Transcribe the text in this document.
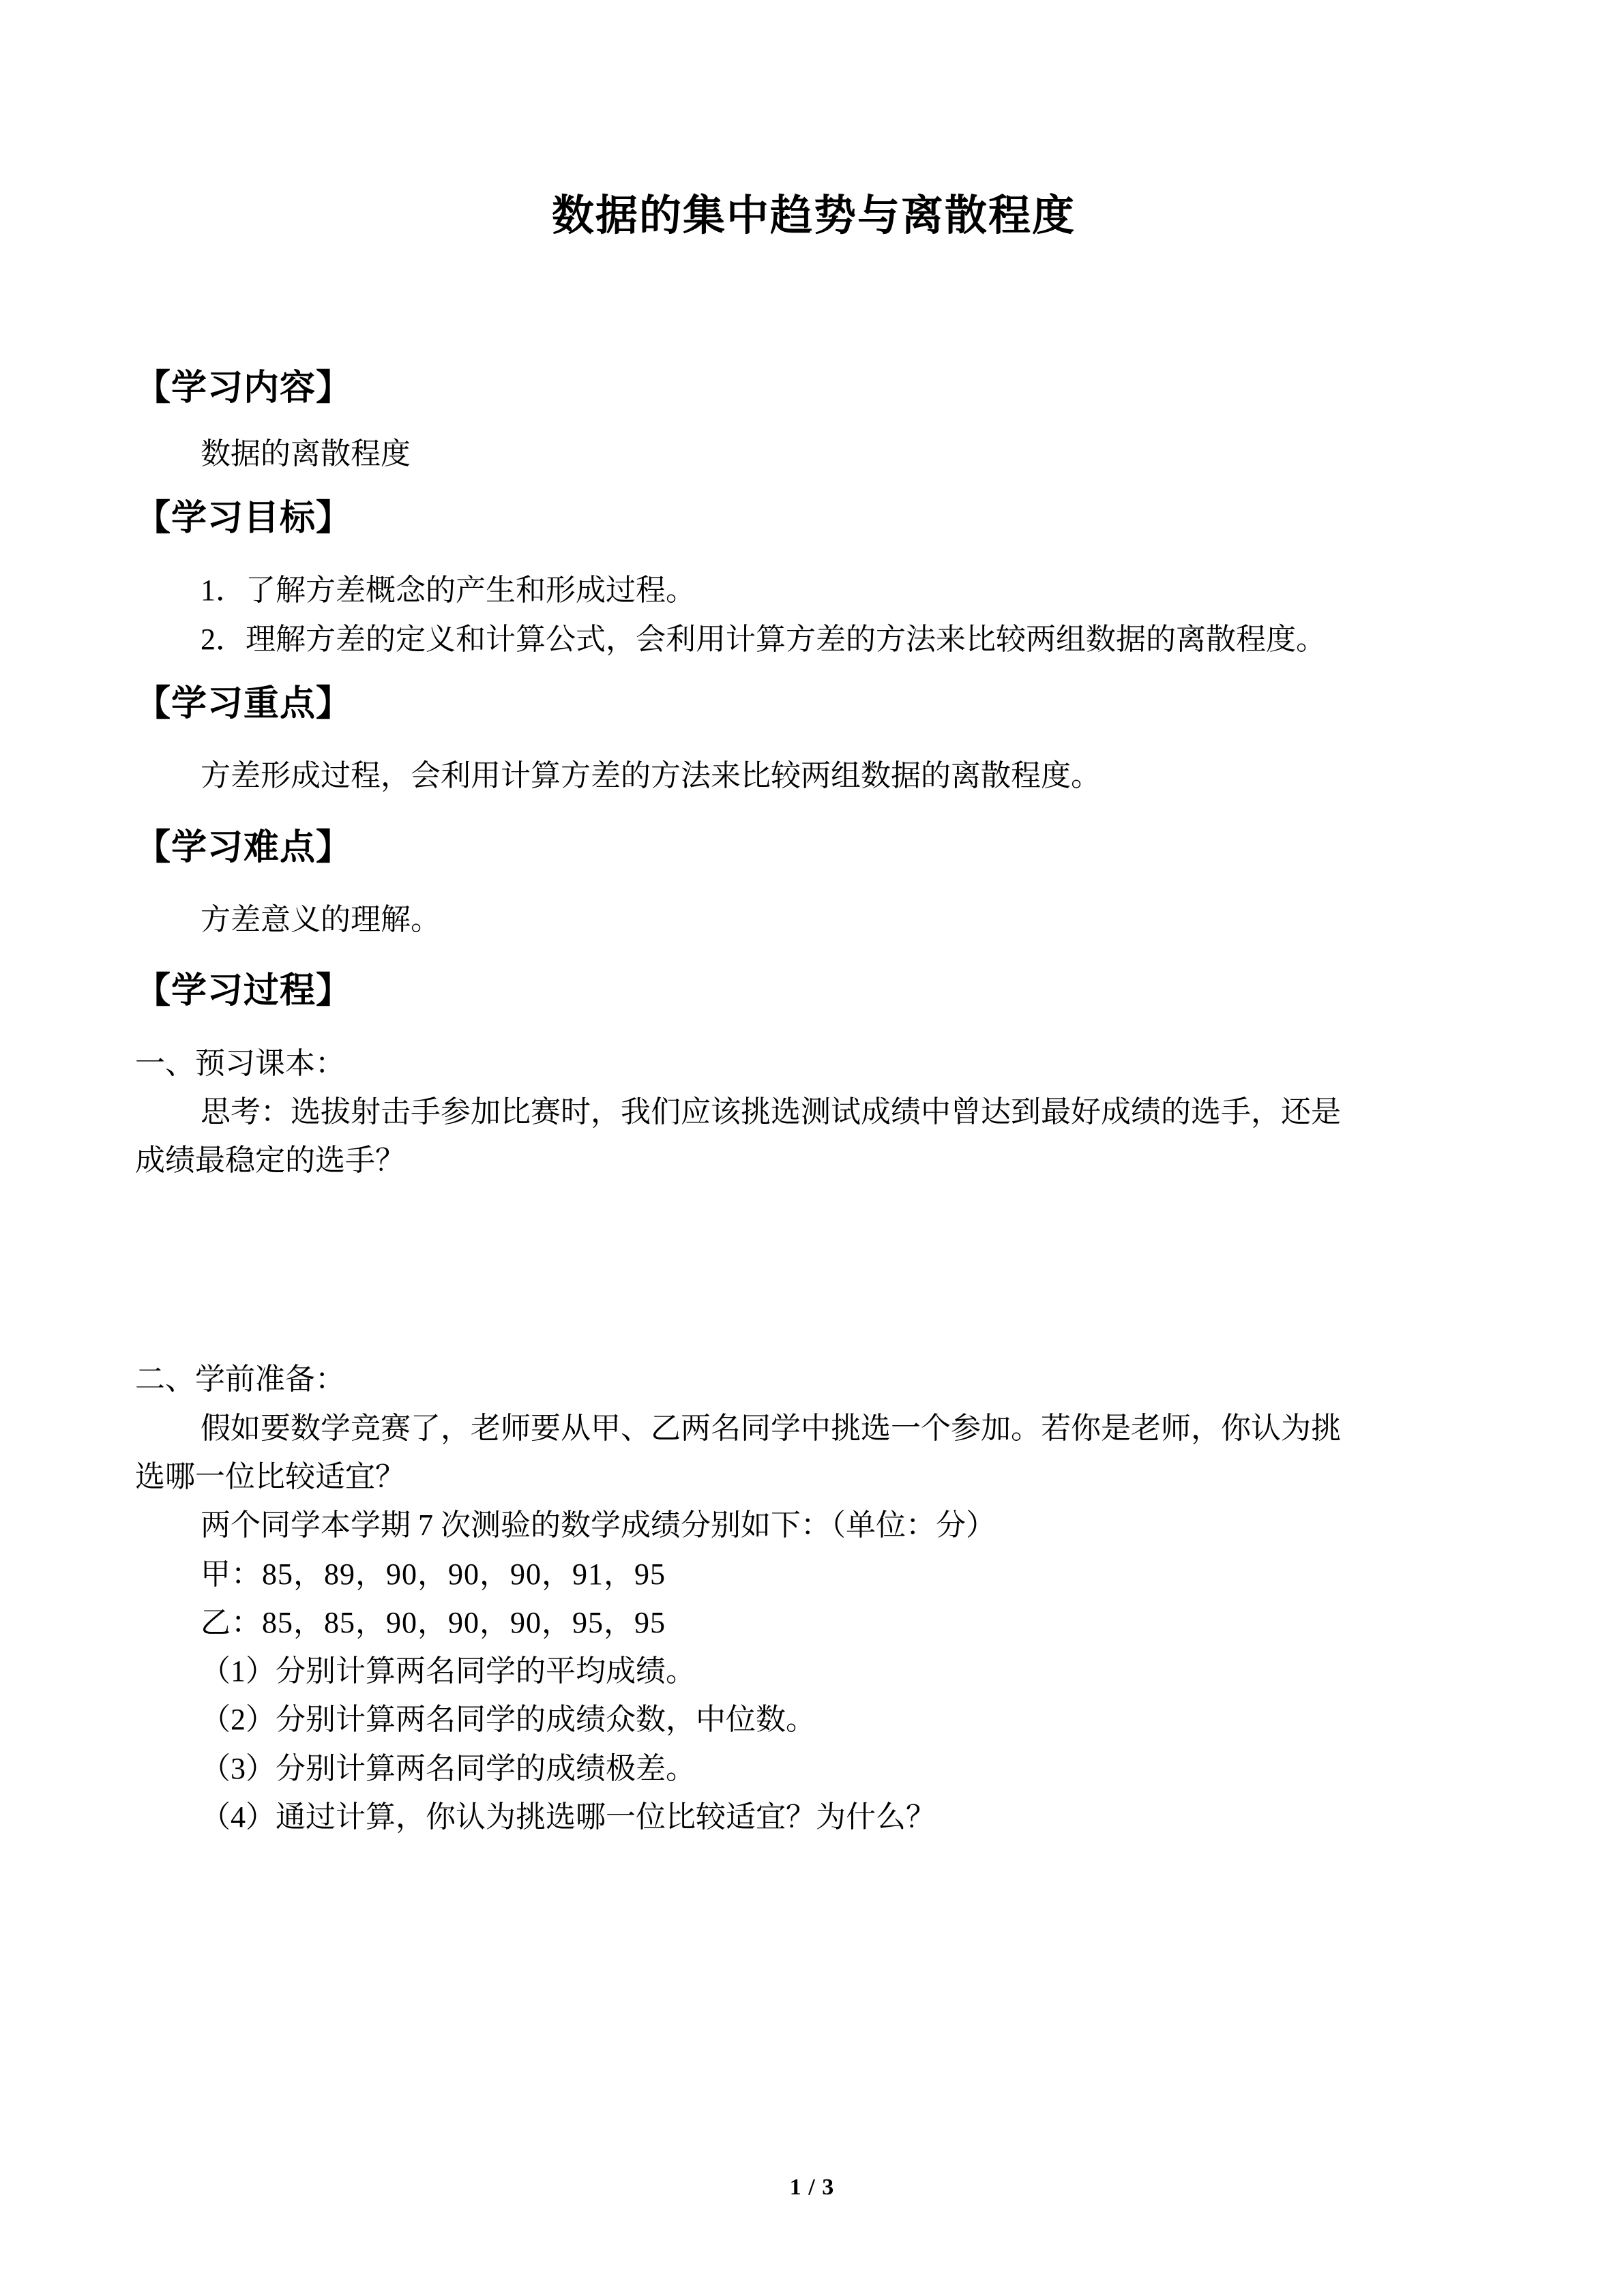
数据的集中趋势与离散程度
【学习内容】
数据的离散程度
【学习目标】
1．了解方差概念的产生和形成过程。
2．理解方差的定义和计算公式，会利用计算方差的方法来比较两组数据的离散程度。
【学习重点】
方差形成过程，会利用计算方差的方法来比较两组数据的离散程度。
【学习难点】
方差意义的理解。
【学习过程】
一、预习课本：
思考：选拔射击手参加比赛时，我们应该挑选测试成绩中曾达到最好成绩的选手，还是
成绩最稳定的选手？
二、学前准备：
假如要数学竞赛了，老师要从甲、乙两名同学中挑选一个参加。若你是老师，你认为挑
选哪一位比较适宜？
两个同学本学期 7 次测验的数学成绩分别如下：（单位：分）
甲：85，89，90，90，90，91，95
乙：85，85，90，90，90，95，95
（1）分别计算两名同学的平均成绩。
（2）分别计算两名同学的成绩众数，中位数。
（3）分别计算两名同学的成绩极差。
（4）通过计算，你认为挑选哪一位比较适宜？为什么？
1 / 3
